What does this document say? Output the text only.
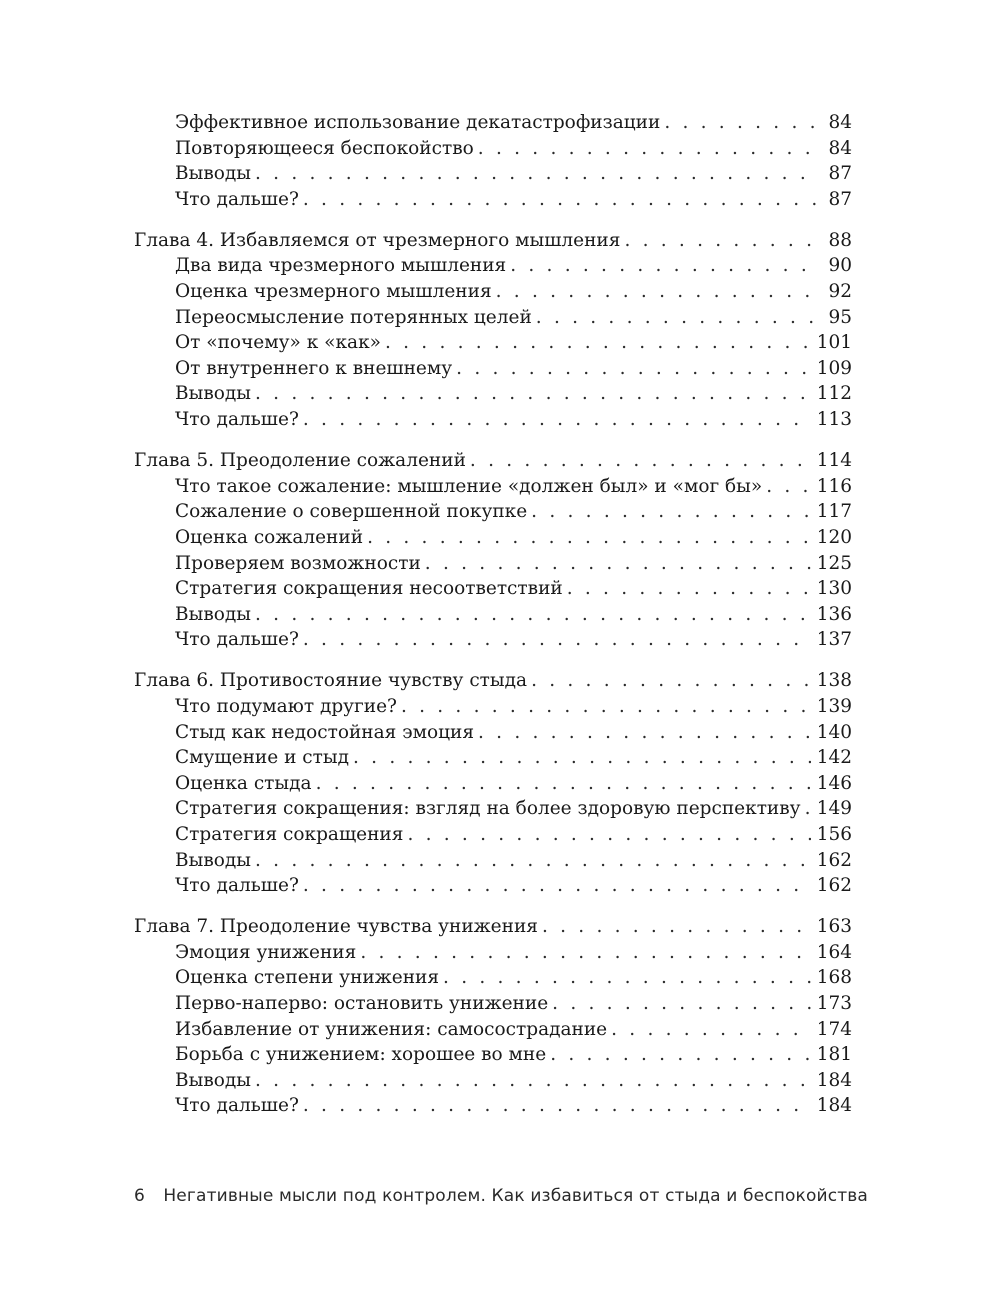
Эффективное использование декатастрофизации . . .	84
Повторяющееся беспокойство . . .	84
Выводы . . .	87
Что дальше? . . .	87
Глава 4. Избавляемся от чрезмерного мышления . . .	88
Два вида чрезмерного мышления . . .	90
Оценка чрезмерного мышления . . .	92
Переосмысление потерянных целей . . .	95
От «почему» к «как» . . .	101
От внутреннего к внешнему . . .	109
Выводы . . .	112
Что дальше? . . .	113
Глава 5. Преодоление сожалений . . .	114
Что такое сожаление: мышление «должен был» и «мог бы» . . .	116
Сожаление о совершенной покупке . . .	117
Оценка сожалений . . .	120
Проверяем возможности . . .	125
Стратегия сокращения несоответствий . . .	130
Выводы . . .	136
Что дальше? . . .	137
Глава 6. Противостояние чувству стыда . . .	138
Что подумают другие? . . .	139
Стыд как недостойная эмоция . . .	140
Смущение и стыд . . .	142
Оценка стыда . . .	146
Стратегия сокращения: взгляд на более здоровую перспективу . . . 149
Стратегия сокращения . . .	156
Выводы . . .	162
Что дальше? . . .	162
Глава 7. Преодоление чувства унижения . . .	163
Эмоция унижения . . .	164
Оценка степени унижения . . .	168
Перво-наперво: остановить унижение . . .	173
Избавление от унижения: самосострадание . . .	174
Борьба с унижением: хорошее во мне . . .	181
Выводы . . .	184
Что дальше? . . .	184
6 Негативные мысли под контролем. Как избавиться от стыда и беспокойства
